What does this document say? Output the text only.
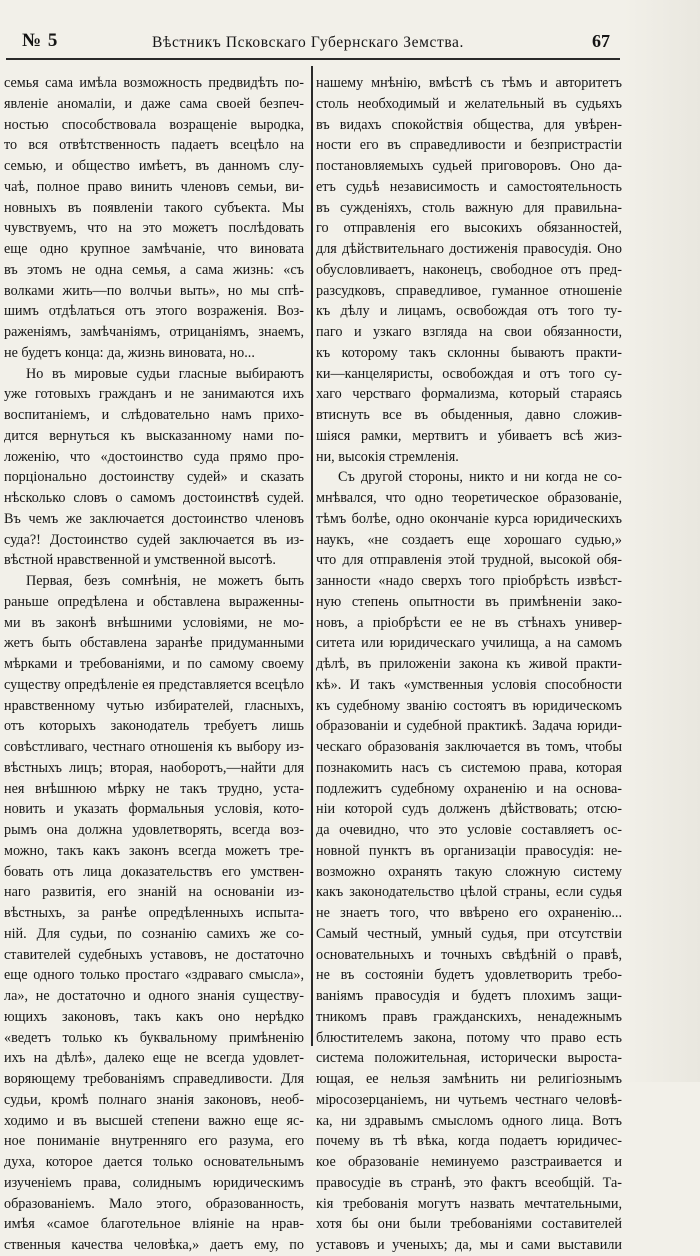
№ 5	Вѣстникъ Псковскаго Губернскаго Земства.	67
семья сама имѣла возможность предвидѣть по-
явленіе аномаліи, и даже сама своей безпеч-
ностью способствовала возращеніе выродка,
то вся отвѣтственность падаетъ всецѣло на
семью, и общество имѣетъ, въ данномъ слу-
чаѣ, полное право винить членовъ семьи, ви-
новныхъ въ появленіи такого субъекта. Мы
чувствуемъ, что на это можетъ послѣдовать
еще одно крупное замѣчаніе, что виновата
въ этомъ не одна семья, а сама жизнь: «съ
волками жить—по волчьи выть», но мы спѣ-
шимъ отдѣлаться отъ этого возраженія. Воз-
раженіямъ, замѣчаніямъ, отрицаніямъ, знаемъ,
не будетъ конца: да, жизнь виновата, но...
Но въ мировые судьи гласные выбираютъ
уже готовыхъ гражданъ и не занимаются ихъ
воспитаніемъ, и слѣдовательно намъ прихо-
дится вернуться къ высказанному нами по-
ложенію, что «достоинство суда прямо про-
порціонально достоинству судей» и сказать
нѣсколько словъ о самомъ достоинствѣ судей.
Въ чемъ же заключается достоинство членовъ
суда?! Достоинство судей заключается въ из-
вѣстной нравственной и умственной высотѣ.
Первая, безъ сомнѣнія, не можетъ быть
раньше опредѣлена и обставлена выраженны-
ми въ законѣ внѣшними условіями, не мо-
жетъ быть обставлена заранѣе придуманными
мѣрками и требованіями, и по самому своему
существу опредѣленіе ея представляется всецѣло
нравственному чутью избирателей, гласныхъ,
отъ которыхъ законодатель требуетъ лишь
совѣстливаго, честнаго отношенія къ выбору из-
вѣстныхъ лицъ; вторая, наоборотъ,—найти для
нея внѣшнюю мѣрку не такъ трудно, уста-
новить и указать формальныя условія, кото-
рымъ она должна удовлетворять, всегда воз-
можно, такъ какъ законъ всегда можетъ тре-
бовать отъ лица доказательствъ его умствен-
наго развитія, его знаній на основаніи из-
вѣстныхъ, за ранѣе опредѣленныхъ испыта-
ній. Для судьи, по сознанію самихъ же со-
ставителей судебныхъ уставовъ, не достаточно
еще одного только простаго «здраваго смысла»,
ла», не достаточно и одного знанія существу-
ющихъ законовъ, такъ какъ оно нерѣдко
«ведетъ только къ буквальному примѣненію
ихъ на дѣлѣ», далеко еще не всегда удовлет-
воряющему требованіямъ справедливости. Для
судьи, кромѣ полнаго знанія законовъ, необ-
ходимо и въ высшей степени важно еще яс-
ное пониманіе внутренняго его разума, его
духа, которое дается только основательнымъ
изученіемъ права, солиднымъ юридическимъ
образованіемъ. Мало этого, образованность,
имѣя «самое благотельное вліяніе на нрав-
ственныя качества человѣка,» даетъ ему, по
нашему мнѣнію, вмѣстѣ съ тѣмъ и авторитетъ
столь необходимый и желательный въ судьяхъ
въ видахъ спокойствія общества, для увѣрен-
ности его въ справедливости и безпристрастіи
постановляемыхъ судьей приговоровъ. Оно да-
етъ судьѣ независимость и самостоятельность
въ сужденіяхъ, столь важную для правильна-
го отправленія его высокихъ обязанностей,
для дѣйствительнаго достиженія правосудія. Оно
обусловливаетъ, наконецъ, свободное отъ пред-
разсудковъ, справедливое, гуманное отношеніе
къ дѣлу и лицамъ, освобождая отъ того ту-
паго и узкаго взгляда на свои обязанности,
къ которому такъ склонны бываютъ практи-
ки—канцеляристы, освобождая и отъ того су-
хаго черстваго формализма, который стараясь
втиснуть все въ обыденныя, давно сложив-
шіяся рамки, мертвитъ и убиваетъ всѣ жиз-
ни, высокія стремленія.
Съ другой стороны, никто и ни когда не со-
мнѣвался, что одно теоретическое образованіе,
тѣмъ болѣе, одно окончаніе курса юридическихъ
наукъ, «не создаетъ еще хорошаго судью,»
что для отправленія этой трудной, высокой обя-
занности «надо сверхъ того пріобрѣсть извѣст-
ную степень опытности въ примѣненіи зако-
новъ, а пріобрѣсти ее не въ стѣнахъ универ-
ситета или юридическаго училища, а на самомъ
дѣлѣ, въ приложеніи закона къ живой практи-
кѣ». И такъ «умственныя условія способности
къ судебному званію состоятъ въ юридическомъ
образованіи и судебной практикѣ. Задача юриди-
ческаго образованія заключается въ томъ, чтобы
познакомить насъ съ системою права, которая
подлежитъ судебному охраненію и на основа-
ніи которой судъ долженъ дѣйствовать; отсю-
да очевидно, что это условіе составляетъ ос-
новной пунктъ въ организаціи правосудія: не-
возможно охранять такую сложную систему
какъ законодательство цѣлой страны, если судья
не знаетъ того, что ввѣрено его охраненію...
Самый честный, умный судья, при отсутствіи
основательныхъ и точныхъ свѣдѣній о правѣ,
не въ состояніи будетъ удовлетворить требо-
ваніямъ правосудія и будетъ плохимъ защи-
тникомъ правъ гражданскихъ, ненадежнымъ
блюстителемъ закона, потому что право есть
система положительная, исторически выроста-
ющая, ее нельзя замѣнить ни религіознымъ
міросозерцаніемъ, ни чутьемъ честнаго человѣ-
ка, ни здравымъ смысломъ одного лица. Вотъ
почему въ тѣ вѣка, когда подаетъ юридичес-
кое образованіе неминуемо разстраивается и
правосудіе въ странѣ, это фактъ всеобщій. Та-
кія требованія могутъ назвать мечтательными,
хотя бы они были требованіями составителей
уставовъ и ученыхъ; да, мы и сами выставили
